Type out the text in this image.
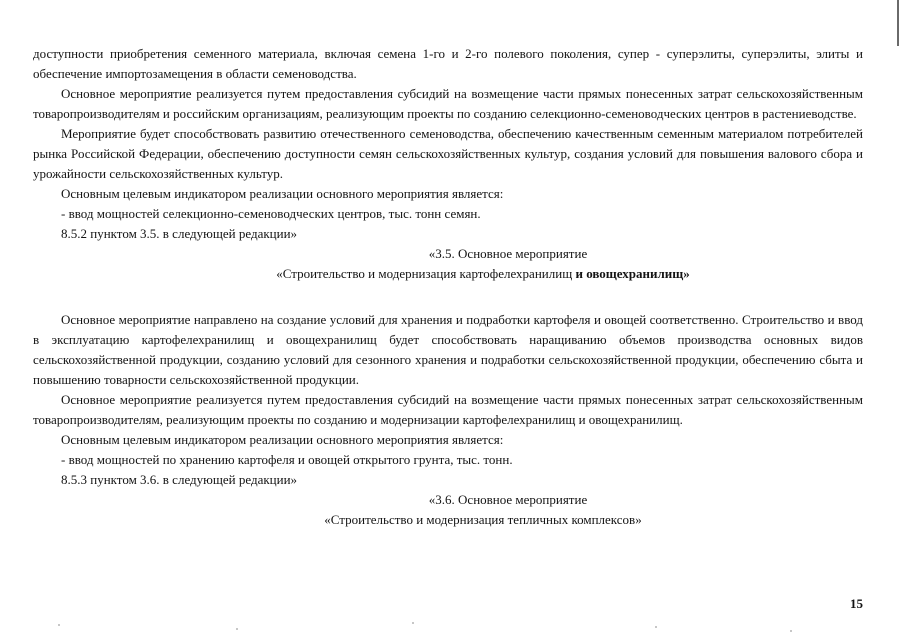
доступности приобретения семенного материала, включая семена 1-го и 2-го полевого поколения, супер - суперэлиты, суперэлиты, элиты и обеспечение импортозамещения в области семеноводства.

Основное мероприятие реализуется путем предоставления субсидий на возмещение части прямых понесенных затрат сельскохозяйственным товаропроизводителям и российским организациям, реализующим проекты по созданию селекционно-семеноводческих центров в растениеводстве.

Мероприятие будет способствовать развитию отечественного семеноводства, обеспечению качественным семенным материалом потребителей рынка Российской Федерации, обеспечению доступности семян сельскохозяйственных культур, создания условий для повышения валового сбора и урожайности сельскохозяйственных культур.

Основным целевым индикатором реализации основного мероприятия является:

- ввод мощностей селекционно-семеноводческих центров, тыс. тонн семян.

8.5.2 пунктом 3.5. в следующей редакции»

«3.5. Основное мероприятие

«Строительство и модернизация картофелехранилищ и овощехранилищ»

Основное мероприятие направлено на создание условий для хранения и подработки картофеля и овощей соответственно. Строительство и ввод в эксплуатацию картофелехранилищ и овощехранилищ будет способствовать наращиванию объемов производства основных видов сельскохозяйственной продукции, созданию условий для сезонного хранения и подработки сельскохозяйственной продукции, обеспечению сбыта и повышению товарности сельскохозяйственной продукции.

Основное мероприятие реализуется путем предоставления субсидий на возмещение части прямых понесенных затрат сельскохозяйственным товаропроизводителям, реализующим проекты по созданию и модернизации картофелехранилищ и овощехранилищ.

Основным целевым индикатором реализации основного мероприятия является:

- ввод мощностей по хранению картофеля и овощей открытого грунта, тыс. тонн.

8.5.3 пунктом 3.6. в следующей редакции»

«3.6. Основное мероприятие

«Строительство и модернизация тепличных комплексов»

15
